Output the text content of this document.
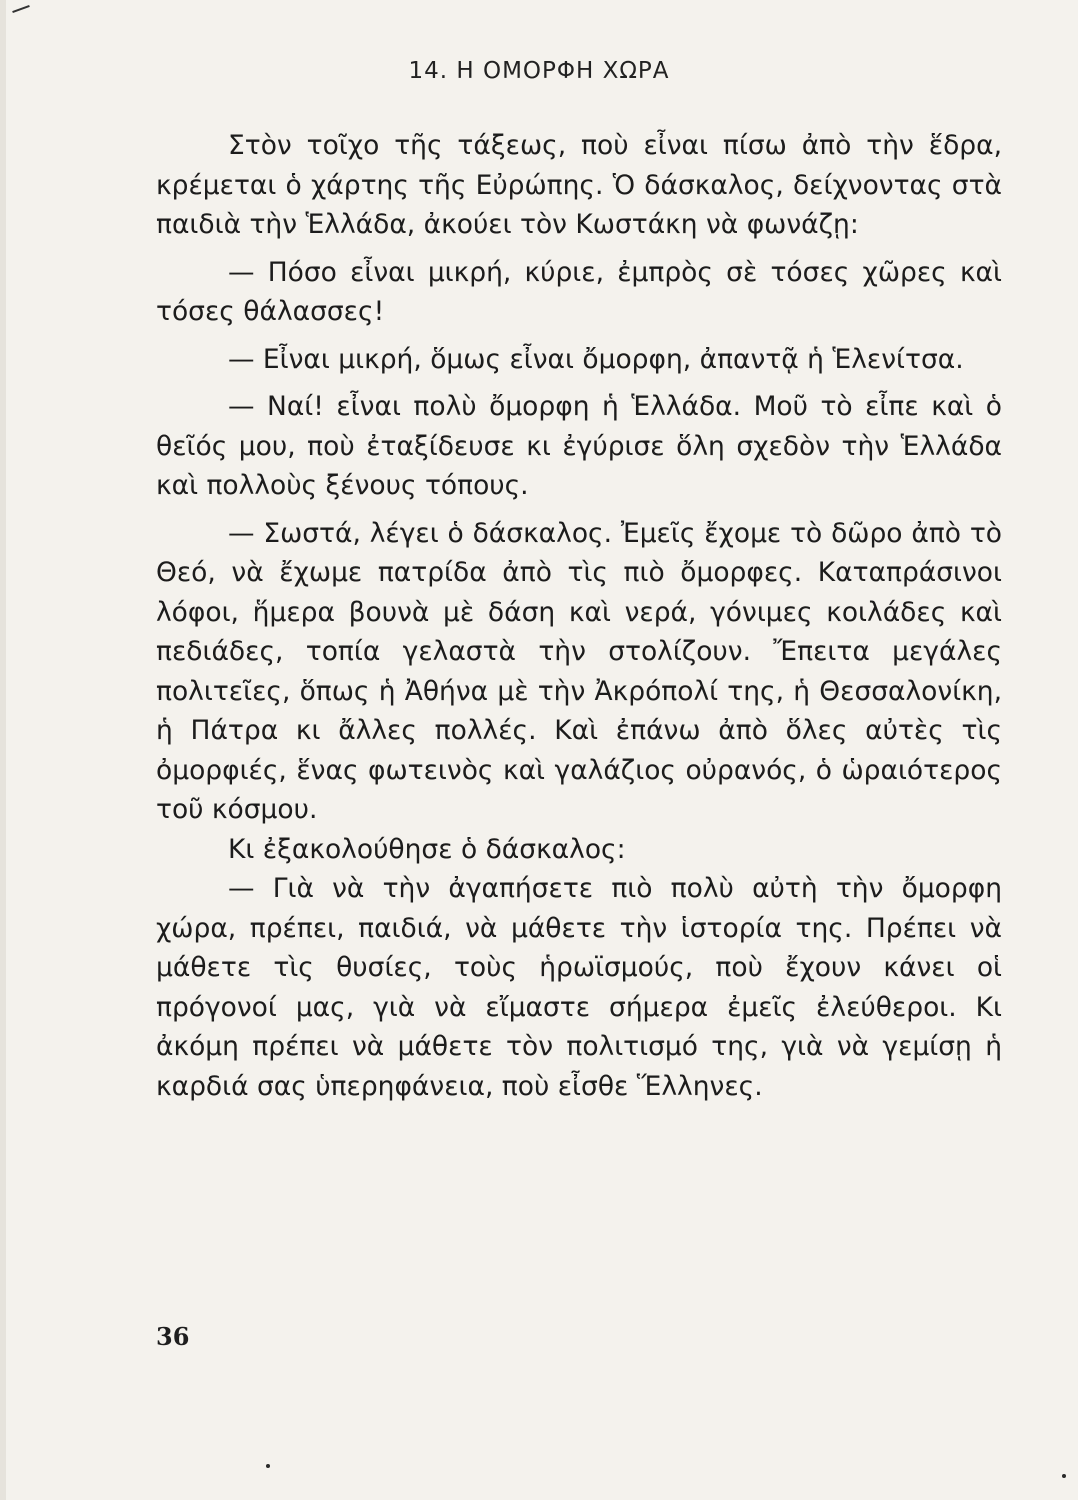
14. Η ΟΜΟΡΦΗ ΧΩΡΑ

Στὸν τοῖχο τῆς τάξεως, ποὺ εἶναι πίσω ἀπὸ τὴν ἕδρα, κρέμεται ὁ χάρτης τῆς Εὐρώπης. Ὁ δάσκαλος, δείχνοντας στὰ παιδιὰ τὴν Ἑλλάδα, ἀκούει τὸν Κωστάκη νὰ φωνάζῃ:

— Πόσο εἶναι μικρή, κύριε, ἐμπρὸς σὲ τόσες χῶρες καὶ τόσες θάλασσες!

— Εἶναι μικρή, ὅμως εἶναι ὄμορφη, ἀπαντᾷ ἡ Ἑλενίτσα.

— Ναί! εἶναι πολὺ ὄμορφη ἡ Ἑλλάδα. Μοῦ τὸ εἶπε καὶ ὁ θεῖός μου, ποὺ ἐταξίδευσε κι ἐγύρισε ὅλη σχεδὸν τὴν Ἑλλάδα καὶ πολλοὺς ξένους τόπους.

— Σωστά, λέγει ὁ δάσκαλος. Ἐμεῖς ἔχομε τὸ δῶρο ἀπὸ τὸ Θεό, νὰ ἔχωμε πατρίδα ἀπὸ τὶς πιὸ ὄμορφες. Καταπράσινοι λόφοι, ἥμερα βουνὰ μὲ δάση καὶ νερά, γόνιμες κοιλάδες καὶ πεδιάδες, τοπία γελαστὰ τὴν στολίζουν. Ἔπειτα μεγάλες πολιτεῖες, ὅπως ἡ Ἀθήνα μὲ τὴν Ἀκρόπολί της, ἡ Θεσσαλονίκη, ἡ Πάτρα κι ἄλλες πολλές. Καὶ ἐπάνω ἀπὸ ὅλες αὐτὲς τὶς ὀμορφιές, ἕνας φωτεινὸς καὶ γαλάζιος οὐρανός, ὁ ὡραιότερος τοῦ κόσμου.

Κι ἐξακολούθησε ὁ δάσκαλος:

— Γιὰ νὰ τὴν ἀγαπήσετε πιὸ πολὺ αὐτὴ τὴν ὄμορφη χώρα, πρέπει, παιδιά, νὰ μάθετε τὴν ἱστορία της. Πρέπει νὰ μάθετε τὶς θυσίες, τοὺς ἡρωϊσμούς, ποὺ ἔχουν κάνει οἱ πρόγονοί μας, γιὰ νὰ εἴμαστε σήμερα ἐμεῖς ἐλεύθεροι. Κι ἀκόμη πρέπει νὰ μάθετε τὸν πολιτισμό της, γιὰ νὰ γεμίσῃ ἡ καρδιά σας ὑπερηφάνεια, ποὺ εἶσθε Ἕλληνες.

36
